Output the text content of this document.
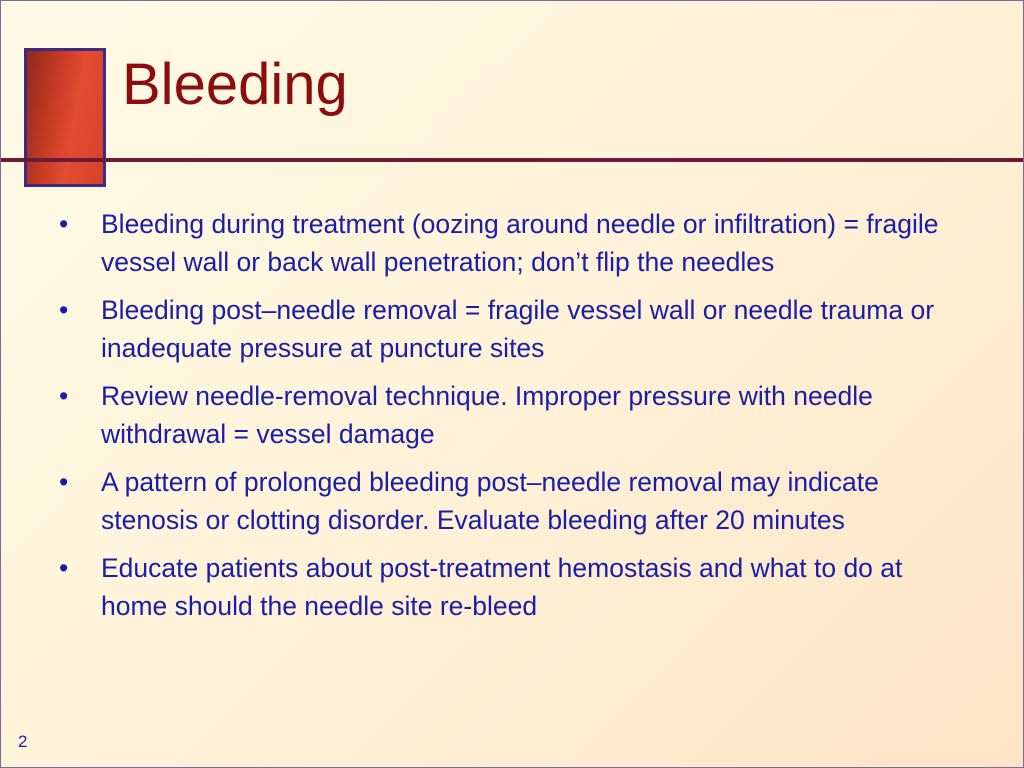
Bleeding
•	Bleeding during treatment (oozing around needle or infiltration) = fragile vessel wall or back wall penetration; don’t flip the needles
•	Bleeding post–needle removal = fragile vessel wall or needle trauma or inadequate pressure at puncture sites
•	Review needle-removal technique. Improper pressure with needle withdrawal = vessel damage
•	A pattern of prolonged bleeding post–needle removal may indicate stenosis or clotting disorder. Evaluate bleeding after 20 minutes
•	Educate patients about post-treatment hemostasis and what to do at home should the needle site re-bleed
2
